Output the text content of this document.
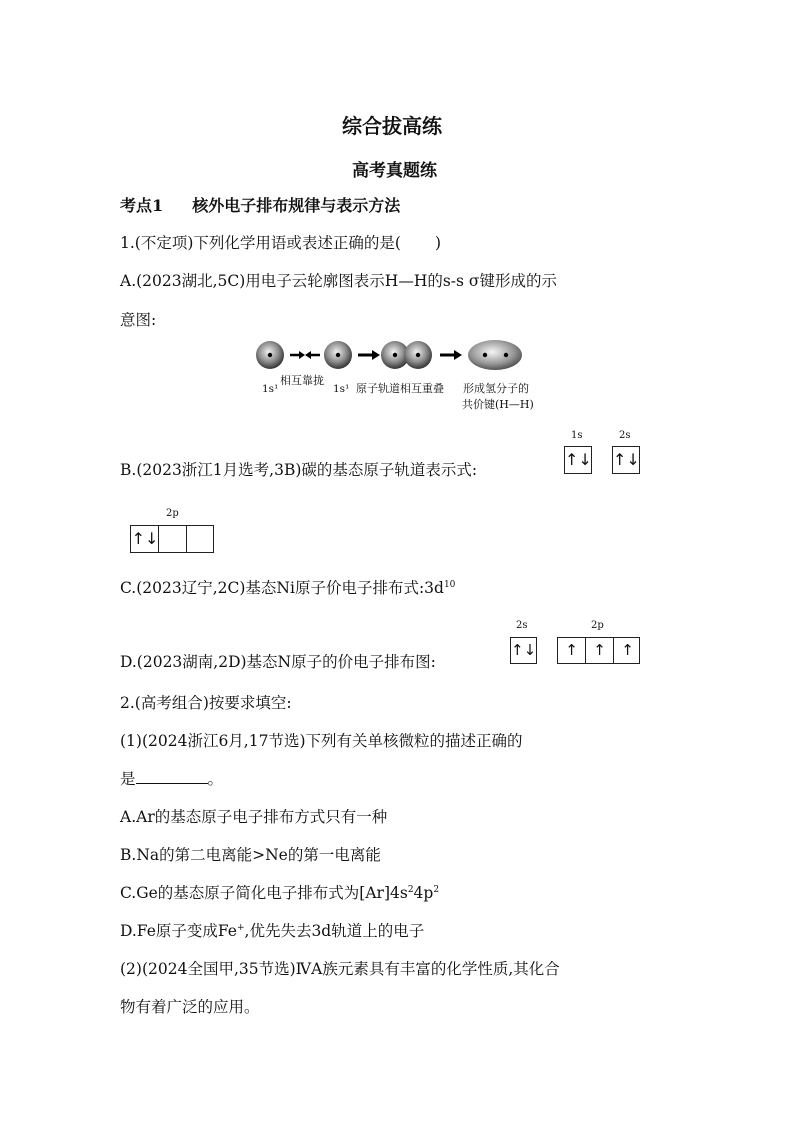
综合拔高练
高考真题练
考点1 核外电子排布规律与表示方法
1.(不定项)下列化学用语或表述正确的是( )
A.(2023湖北,5C)用电子云轮廓图表示H—H的s-s σ键形成的示
意图:
1s¹
相互靠拢
1s¹ 原子轨道相互重叠 形成氢分子的
共价键(H—H)
B.(2023浙江1月选考,3B)碳的基态原子轨道表示式:
1s
↑↓
2s
↑↓
2p
↑↓
C.(2023辽宁,2C)基态Ni原子价电子排布式$:3d^{10}$
D.(2023湖南,2D)基态N原子的价电子排布图:
2s
↑↓
2p
↑	↑	↑
2.(高考组合)按要求填空:
(1)(2024浙江6月,17节选)下列有关单核微粒的描述正确的
是	。
A.Ar的基态原子电子排布方式只有一种
B.Na的第二电离能>Ne的第一电离能
C.Ge的基态原子简化电子排布式为$[Ar]4s^24p^2$
D.Fe原子变成Fe+,优先失去3d轨道上的电子
(2)(2024全国甲,35节选)ⅣA族元素具有丰富的化学性质,其化合
物有着广泛的应用。
